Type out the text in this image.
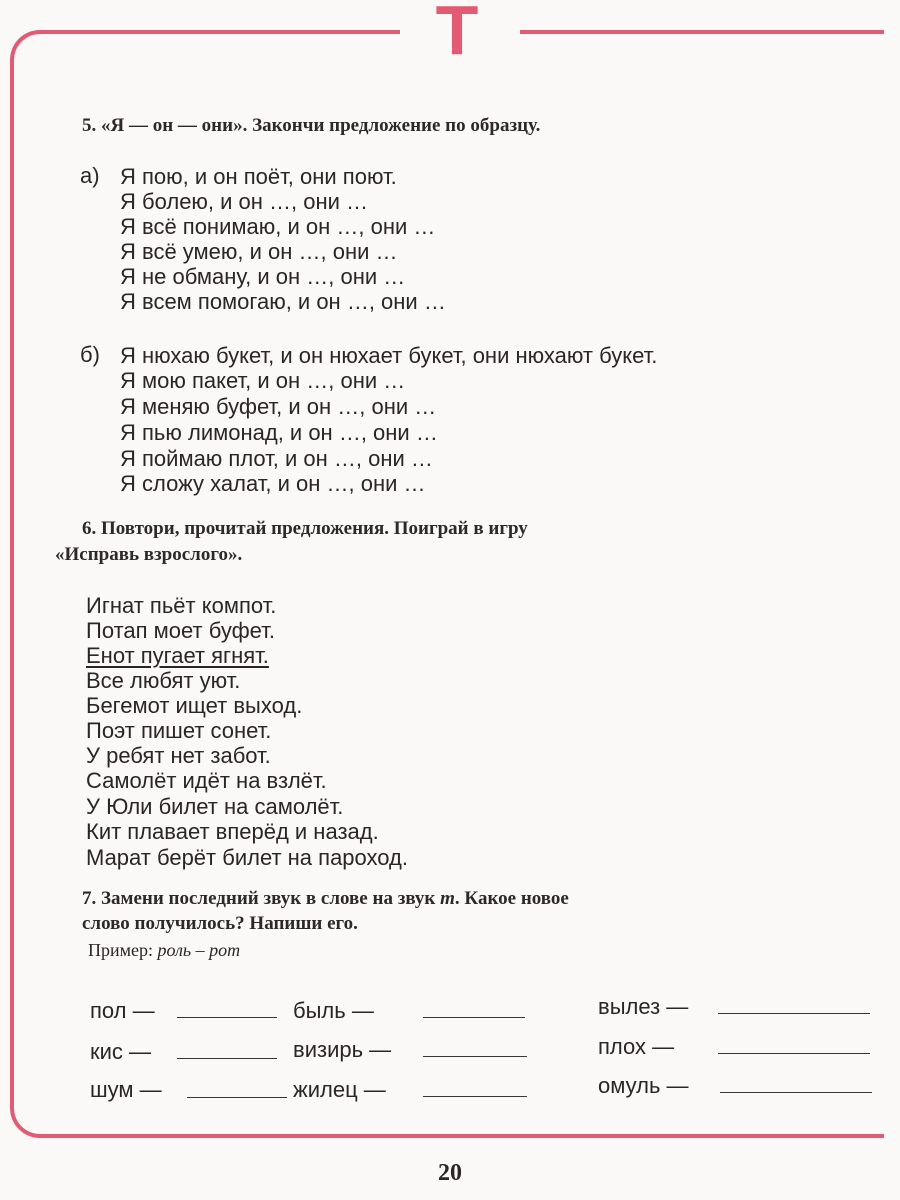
Т
5. «Я — он — они». Закончи предложение по образцу.
а) Я пою, и он поёт, они поют.
Я болею, и он …, они …
Я всё понимаю, и он …, они …
Я всё умею, и он …, они …
Я не обману, и он …, они …
Я всем помогаю, и он …, они …
б) Я нюхаю букет, и он нюхает букет, они нюхают букет.
Я мою пакет, и он …, они …
Я меняю буфет, и он …, они …
Я пью лимонад, и он …, они …
Я поймаю плот, и он …, они …
Я сложу халат, и он …, они …
6. Повтори, прочитай предложения. Поиграй в игру
«Исправь взрослого».
Игнат пьёт компот.
Потап моет буфет.
Енот пугает ягнят.
Все любят уют.
Бегемот ищет выход.
Поэт пишет сонет.
У ребят нет забот.
Самолёт идёт на взлёт.
У Юли билет на самолёт.
Кит плавает вперёд и назад.
Марат берёт билет на пароход.
7. Замени последний звук в слове на звук т. Какое новое
слово получилось? Напиши его.
Пример: роль – рот
пол —	быль —	вылез —
кис —	визирь —	плох —
шум —	жилец —	омуль —
20
